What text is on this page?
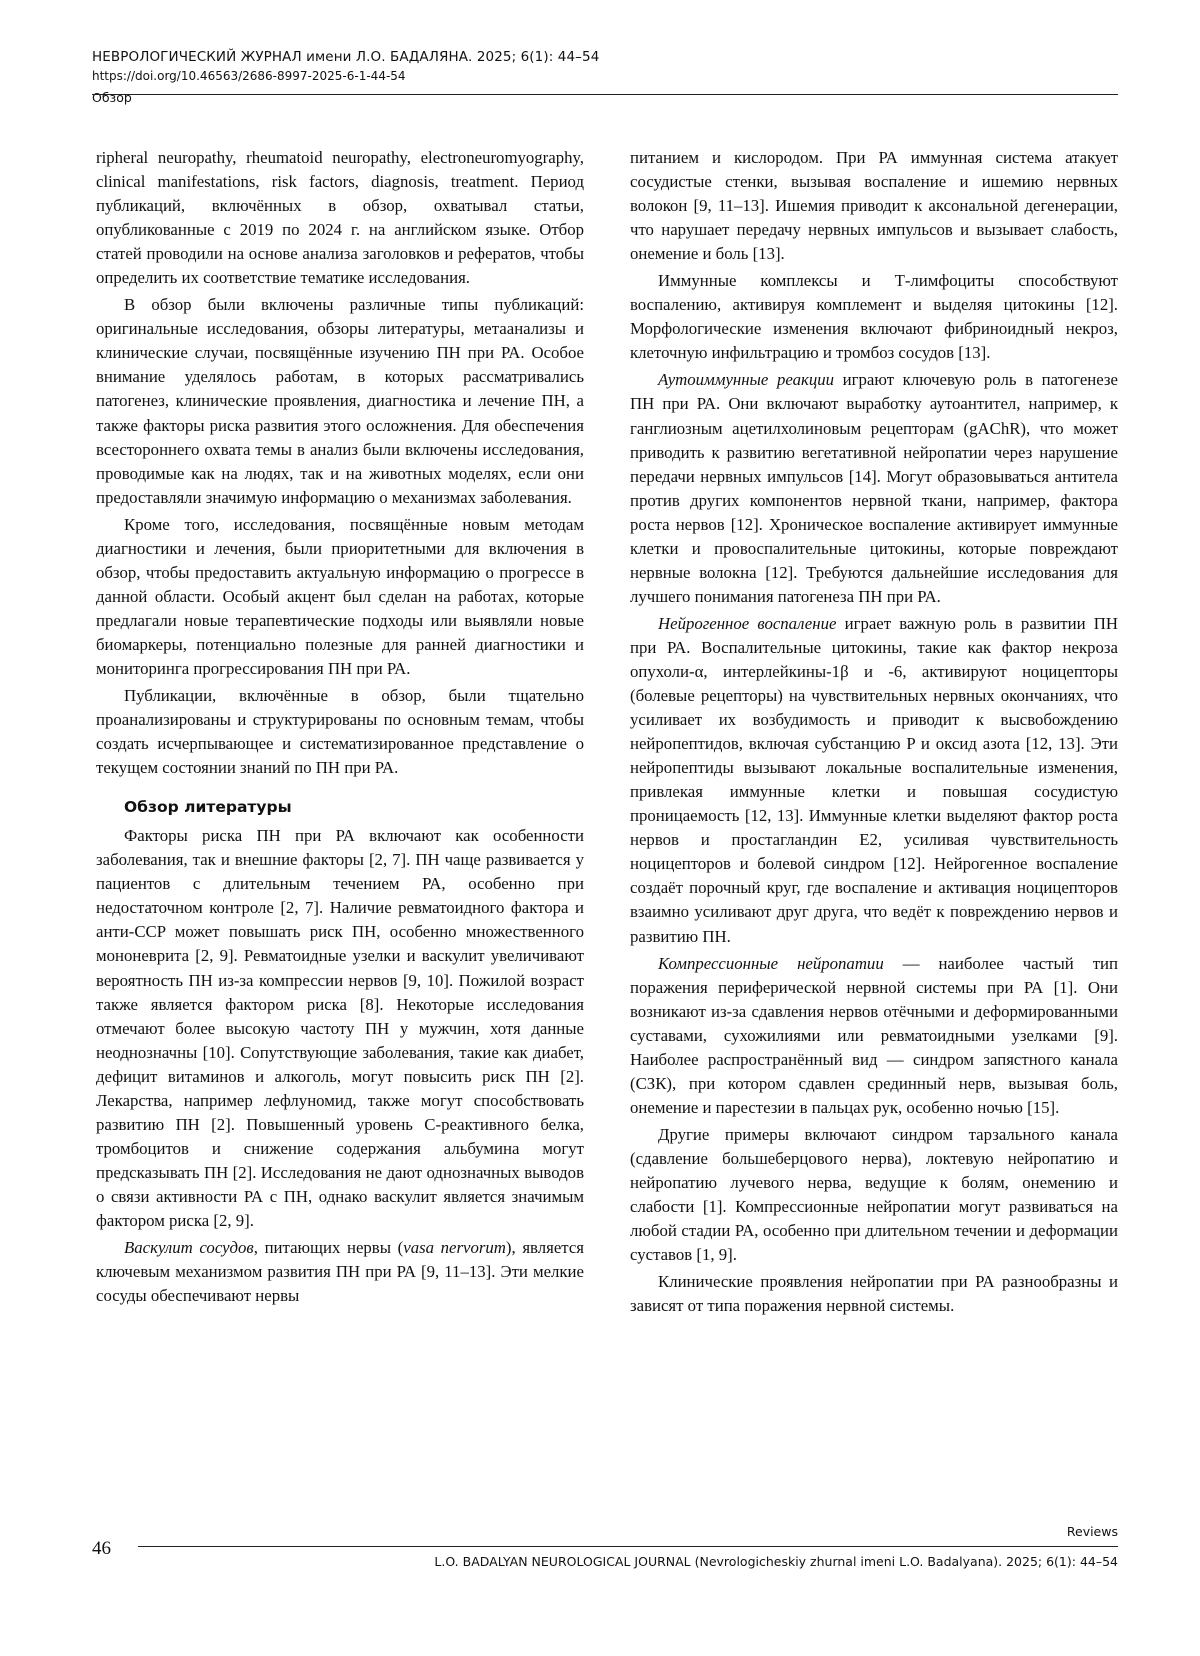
НЕВРОЛОГИЧЕСКИЙ ЖУРНАЛ имени Л.О. БАДАЛЯНА. 2025; 6(1): 44–54
https://doi.org/10.46563/2686-8997-2025-6-1-44-54
Обзор

ripheral neuropathy, rheumatoid neuropathy, electroneuromyography, clinical manifestations, risk factors, diagnosis, treatment. Период публикаций, включённых в обзор, охватывал статьи, опубликованные с 2019 по 2024 г. на английском языке. Отбор статей проводили на основе анализа заголовков и рефератов, чтобы определить их соответствие тематике исследования.

В обзор были включены различные типы публикаций: оригинальные исследования, обзоры литературы, метаанализы и клинические случаи, посвящённые изучению ПН при РА. Особое внимание уделялось работам, в которых рассматривались патогенез, клинические проявления, диагностика и лечение ПН, а также факторы риска развития этого осложнения. Для обеспечения всестороннего охвата темы в анализ были включены исследования, проводимые как на людях, так и на животных моделях, если они предоставляли значимую информацию о механизмах заболевания.

Кроме того, исследования, посвящённые новым методам диагностики и лечения, были приоритетными для включения в обзор, чтобы предоставить актуальную информацию о прогрессе в данной области. Особый акцент был сделан на работах, которые предлагали новые терапевтические подходы или выявляли новые биомаркеры, потенциально полезные для ранней диагностики и мониторинга прогрессирования ПН при РА.

Публикации, включённые в обзор, были тщательно проанализированы и структурированы по основным темам, чтобы создать исчерпывающее и систематизированное представление о текущем состоянии знаний по ПН при РА.

Обзор литературы

Факторы риска ПН при РА включают как особенности заболевания, так и внешние факторы [2, 7]. ПН чаще развивается у пациентов с длительным течением РА, особенно при недостаточном контроле [2, 7]. Наличие ревматоидного фактора и анти-CCP может повышать риск ПН, особенно множественного мононеврита [2, 9]. Ревматоидные узелки и васкулит увеличивают вероятность ПН из-за компрессии нервов [9, 10]. Пожилой возраст также является фактором риска [8]. Некоторые исследования отмечают более высокую частоту ПН у мужчин, хотя данные неоднозначны [10]. Сопутствующие заболевания, такие как диабет, дефицит витаминов и алкоголь, могут повысить риск ПН [2]. Лекарства, например лефлуномид, также могут способствовать развитию ПН [2]. Повышенный уровень C-реактивного белка, тромбоцитов и снижение содержания альбумина могут предсказывать ПН [2]. Исследования не дают однозначных выводов о связи активности РА с ПН, однако васкулит является значимым фактором риска [2, 9].

Васкулит сосудов, питающих нервы (vasa nervorum), является ключевым механизмом развития ПН при РА [9, 11–13]. Эти мелкие сосуды обеспечивают нервы

питанием и кислородом. При РА иммунная система атакует сосудистые стенки, вызывая воспаление и ишемию нервных волокон [9, 11–13]. Ишемия приводит к аксональной дегенерации, что нарушает передачу нервных импульсов и вызывает слабость, онемение и боль [13].

Иммунные комплексы и Т-лимфоциты способствуют воспалению, активируя комплемент и выделяя цитокины [12]. Морфологические изменения включают фибриноидный некроз, клеточную инфильтрацию и тромбоз сосудов [13].

Аутоиммунные реакции играют ключевую роль в патогенезе ПН при РА. Они включают выработку аутоантител, например, к ганглиозным ацетилхолиновым рецепторам (gAChR), что может приводить к развитию вегетативной нейропатии через нарушение передачи нервных импульсов [14]. Могут образовываться антитела против других компонентов нервной ткани, например, фактора роста нервов [12]. Хроническое воспаление активирует иммунные клетки и провоспалительные цитокины, которые повреждают нервные волокна [12]. Требуются дальнейшие исследования для лучшего понимания патогенеза ПН при РА.

Нейрогенное воспаление играет важную роль в развитии ПН при РА. Воспалительные цитокины, такие как фактор некроза опухоли-α, интерлейкины-1β и -6, активируют ноцицепторы (болевые рецепторы) на чувствительных нервных окончаниях, что усиливает их возбудимость и приводит к высвобождению нейропептидов, включая субстанцию P и оксид азота [12, 13]. Эти нейропептиды вызывают локальные воспалительные изменения, привлекая иммунные клетки и повышая сосудистую проницаемость [12, 13]. Иммунные клетки выделяют фактор роста нервов и простагландин E2, усиливая чувствительность ноцицепторов и болевой синдром [12]. Нейрогенное воспаление создаёт порочный круг, где воспаление и активация ноцицепторов взаимно усиливают друг друга, что ведёт к повреждению нервов и развитию ПН.

Компрессионные нейропатии — наиболее частый тип поражения периферической нервной системы при РА [1]. Они возникают из-за сдавления нервов отёчными и деформированными суставами, сухожилиями или ревматоидными узелками [9]. Наиболее распространённый вид — синдром запястного канала (СЗК), при котором сдавлен срединный нерв, вызывая боль, онемение и парестезии в пальцах рук, особенно ночью [15].

Другие примеры включают синдром тарзального канала (сдавление большеберцового нерва), локтевую нейропатию и нейропатию лучевого нерва, ведущие к болям, онемению и слабости [1]. Компрессионные нейропатии могут развиваться на любой стадии РА, особенно при длительном течении и деформации суставов [1, 9].

Клинические проявления нейропатии при РА разнообразны и зависят от типа поражения нервной системы.

46
Reviews
L.O. BADALYAN NEUROLOGICAL JOURNAL (Nevrologicheskiy zhurnal imeni L.O. Badalyana). 2025; 6(1): 44–54
